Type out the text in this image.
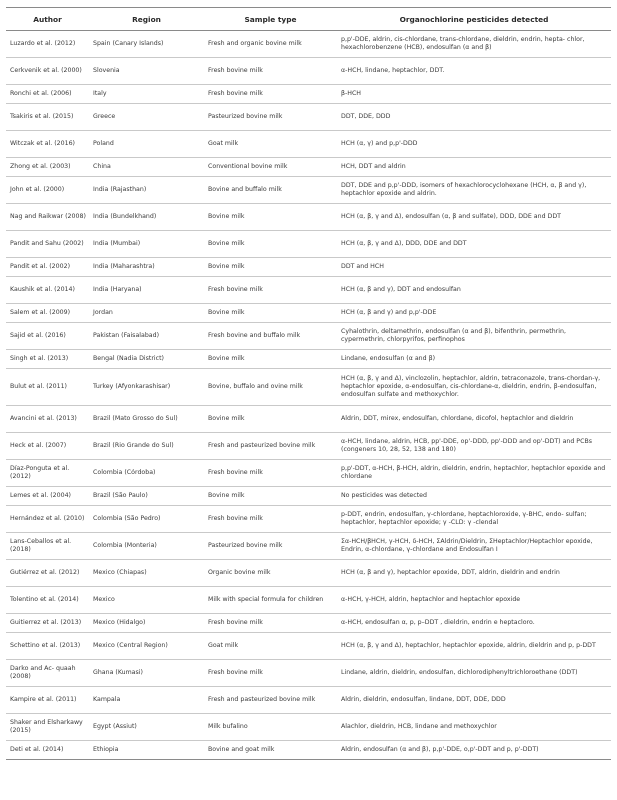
Author	Region	Sample type	Organochlorine pesticides detected
Luzardo et al. (2012)	Spain (Canary Islands)	Fresh and organic bovine milk	p,p'-DDE, aldrin, cis-chlordane, trans-chlordane, dieldrin, endrin, hepta- chlor, hexachlorobenzene (HCB), endosulfan (α and β)
Cerkvenik et al. (2000)	Slovenia	Fresh bovine milk	α-HCH, lindane, heptachlor, DDT.
Ronchi et al. (2006)	Italy	Fresh bovine milk	β-HCH
Tsakiris et al. (2015)	Greece	Pasteurized bovine milk	DDT, DDE, DDD
Witczak et al. (2016)	Poland	Goat milk	HCH (α, γ) and p,p'-DDD
Zhong et al. (2003)	China	Conventional bovine milk	HCH, DDT and aldrin
John et al. (2000)	India (Rajasthan)	Bovine and buffalo milk	DDT, DDE and p,p'-DDD, isomers of hexachlorocyclohexane (HCH, α, β and γ), heptachlor epoxide and aldrin.
Nag and Raikwar (2008)	India (Bundelkhand)	Bovine milk	HCH (α, β, γ and Δ), endosulfan (α, β and sulfate), DDD, DDE and DDT
Pandit and Sahu (2002)	India (Mumbai)	Bovine milk	HCH (α, β, γ and Δ), DDD, DDE and DDT
Pandit et al. (2002)	India (Maharashtra)	Bovine milk	DDT and HCH
Kaushik et al. (2014)	India (Haryana)	Fresh bovine milk	HCH (α, β and γ), DDT and endosulfan
Salem et al. (2009)	Jordan	Bovine milk	HCH (α, β and γ) and p,p'-DDE
Sajid et al. (2016)	Pakistan (Faisalabad)	Fresh bovine and buffalo milk	Cyhalothrin, deltamethrin, endosulfan (α and β), bifenthrin, permethrin, cypermethrin, chlorpyrifos, perfinophos
Singh et al. (2013)	Bengal (Nadia District)	Bovine milk	Lindane, endosulfan (α and β)
Bulut et al. (2011)	Turkey (Afyonkarashisar)	Bovine, buffalo and ovine milk	HCH (α, β, γ and Δ), vinclozolin, heptachlor, aldrin, tetraconazole, trans-chordan-γ, heptachlor epoxide, α-endosulfan, cis-chlordane-α, dieldrin, endrin, β-endosulfan, endosulfan sulfate and methoxychlor.
Avancini et al. (2013)	Brazil (Mato Grosso do Sul)	Bovine milk	Aldrin, DDT, mirex, endosulfan, chlordane, dicofol, heptachlor and dieldrin
Heck et al. (2007)	Brazil (Rio Grande do Sul)	Fresh and pasteurized bovine milk	α-HCH, lindane, aldrin, HCB, pp'-DDE, op'-DDD, pp'-DDD and op'-DDT) and PCBs (congeners 10, 28, 52, 138 and 180)
Díaz-Ponguta et al. (2012)	Colombia (Córdoba)	Fresh bovine milk	p,p'-DDT, α-HCH, β-HCH, aldrin, dieldrin, endrin, heptachlor, heptachlor epoxide and chlordane
Lemes et al. (2004)	Brazil (São Paulo)	Bovine milk	No pesticides was detected
Hernández et al. (2010)	Colombia (São Pedro)	Fresh bovine milk	p-DDT, endrin, endosulfan, γ-chlordane, heptachloroxide, γ-BHC, endo- sulfan; heptachlor, heptachlor epoxide; γ -CLD: γ -clendal
Lans-Ceballos et al. (2018)	Colombia (Monteria)	Pasteurized bovine milk	Σα-HCH/βHCH, γ-HCH, δ-HCH, ΣAldrin/Dieldrin, ΣHeptachlor/Heptachlor epoxide, Endrin, α-chlordane, γ-chlordane and Endosulfan I
Gutiérrez et al. (2012)	Mexico (Chiapas)	Organic bovine milk	HCH (α, β and γ), heptachlor epoxide, DDT, aldrin, dieldrin and endrin
Tolentino et al. (2014)	Mexico	Milk with special formula for children	α-HCH, γ-HCH, aldrin, heptachlor and heptachlor epoxide
Guitierrez et al. (2013)	Mexico (Hidalgo)	Fresh bovine milk	α-HCH, endosulfan α, p, p–DDT , dieldrin, endrin e heptacloro.
Schettino et al. (2013)	Mexico (Central Region)	Goat milk	HCH (α, β, γ and Δ), heptachlor, heptachlor epoxide, aldrin, dieldrin and p, p-DDT
Darko and Ac- quaah (2008)	Ghana (Kumasi)	Fresh bovine milk	Lindane, aldrin, dieldrin, endosulfan, dichlorodiphenyltrichloroethane (DDT)
Kampire et al. (2011)	Kampala	Fresh and pasteurized bovine milk	Aldrin, dieldrin, endosulfan, lindane, DDT, DDE, DDD
Shaker and Elsharkawy (2015)	Egypt (Assiut)	Milk bufalino	Alachlor, dieldrin, HCB, lindane and methoxychlor
Deti et al. (2014)	Ethiopia	Bovine and goat milk	Aldrin, endosulfan (α and β), p,p'-DDE, o,p'-DDT and p, p'-DDT)
